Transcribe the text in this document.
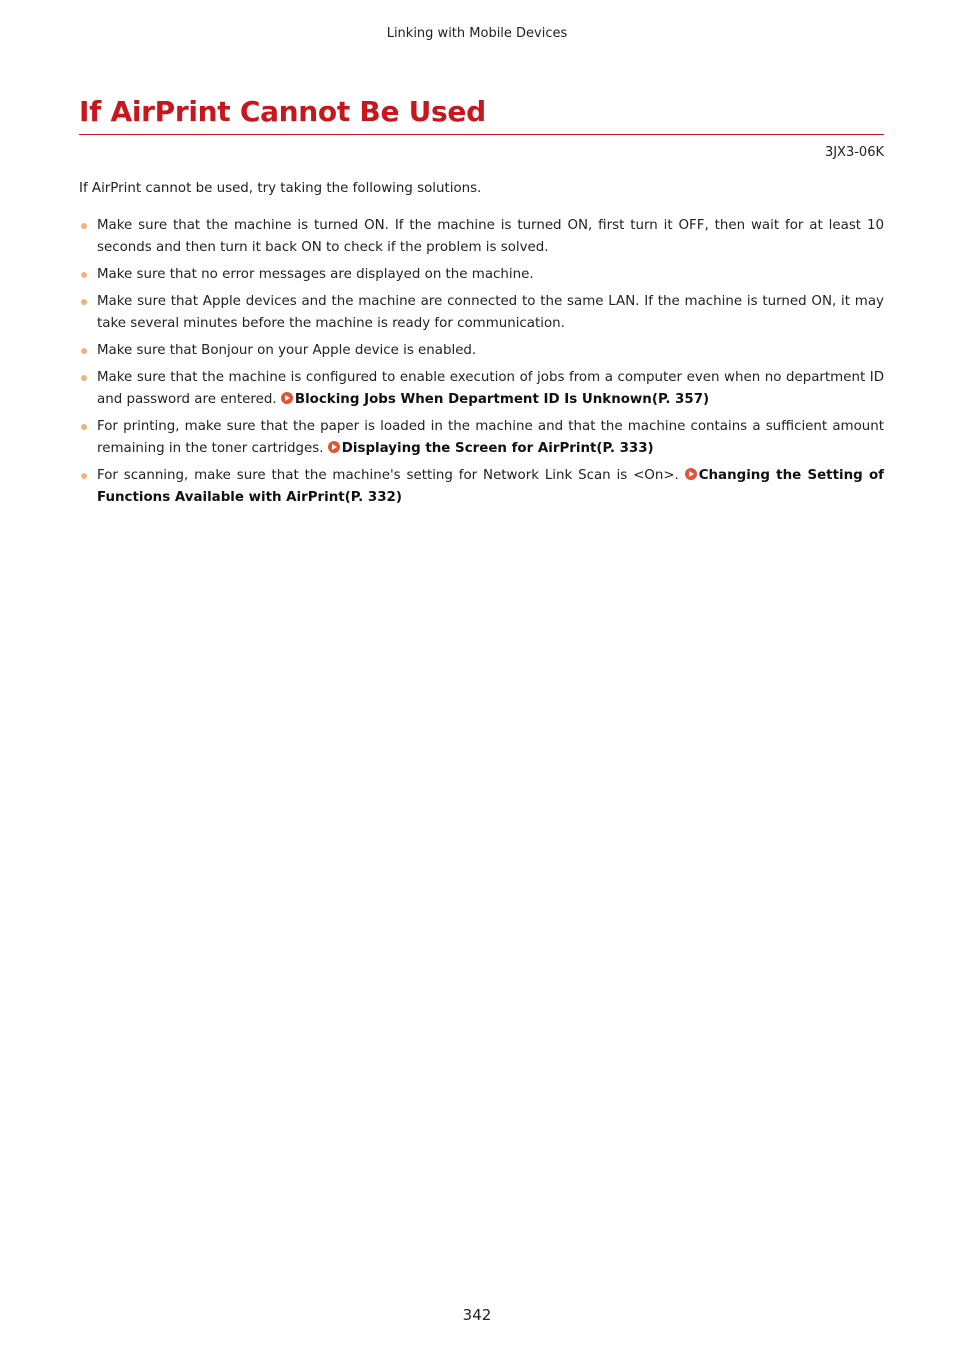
Linking with Mobile Devices
If AirPrint Cannot Be Used
3JX3-06K

If AirPrint cannot be used, try taking the following solutions.

Make sure that the machine is turned ON. If the machine is turned ON, first turn it OFF, then wait for at least 10 seconds and then turn it back ON to check if the problem is solved.
Make sure that no error messages are displayed on the machine.
Make sure that Apple devices and the machine are connected to the same LAN. If the machine is turned ON, it may take several minutes before the machine is ready for communication.
Make sure that Bonjour on your Apple device is enabled.
Make sure that the machine is configured to enable execution of jobs from a computer even when no department ID and password are entered. Blocking Jobs When Department ID Is Unknown(P. 357)
For printing, make sure that the paper is loaded in the machine and that the machine contains a sufficient amount remaining in the toner cartridges. Displaying the Screen for AirPrint(P. 333)
For scanning, make sure that the machine's setting for Network Link Scan is <On>. Changing the Setting of Functions Available with AirPrint(P. 332)
342
